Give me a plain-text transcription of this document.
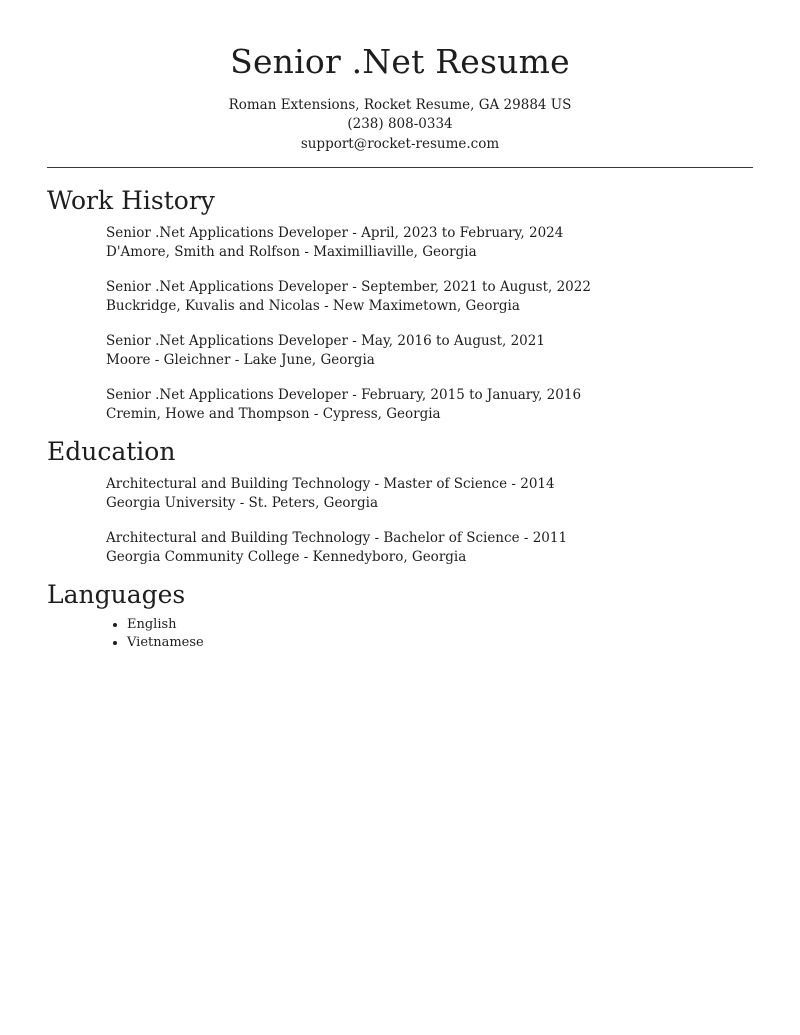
Senior .Net Resume
Roman Extensions, Rocket Resume, GA 29884 US
(238) 808-0334
support@rocket-resume.com
Work History
Senior .Net Applications Developer - April, 2023 to February, 2024
D'Amore, Smith and Rolfson - Maximilliaville, Georgia
Senior .Net Applications Developer - September, 2021 to August, 2022
Buckridge, Kuvalis and Nicolas - New Maximetown, Georgia
Senior .Net Applications Developer - May, 2016 to August, 2021
Moore - Gleichner - Lake June, Georgia
Senior .Net Applications Developer - February, 2015 to January, 2016
Cremin, Howe and Thompson - Cypress, Georgia
Education
Architectural and Building Technology - Master of Science - 2014
Georgia University - St. Peters, Georgia
Architectural and Building Technology - Bachelor of Science - 2011
Georgia Community College - Kennedyboro, Georgia
Languages
• English
• Vietnamese
